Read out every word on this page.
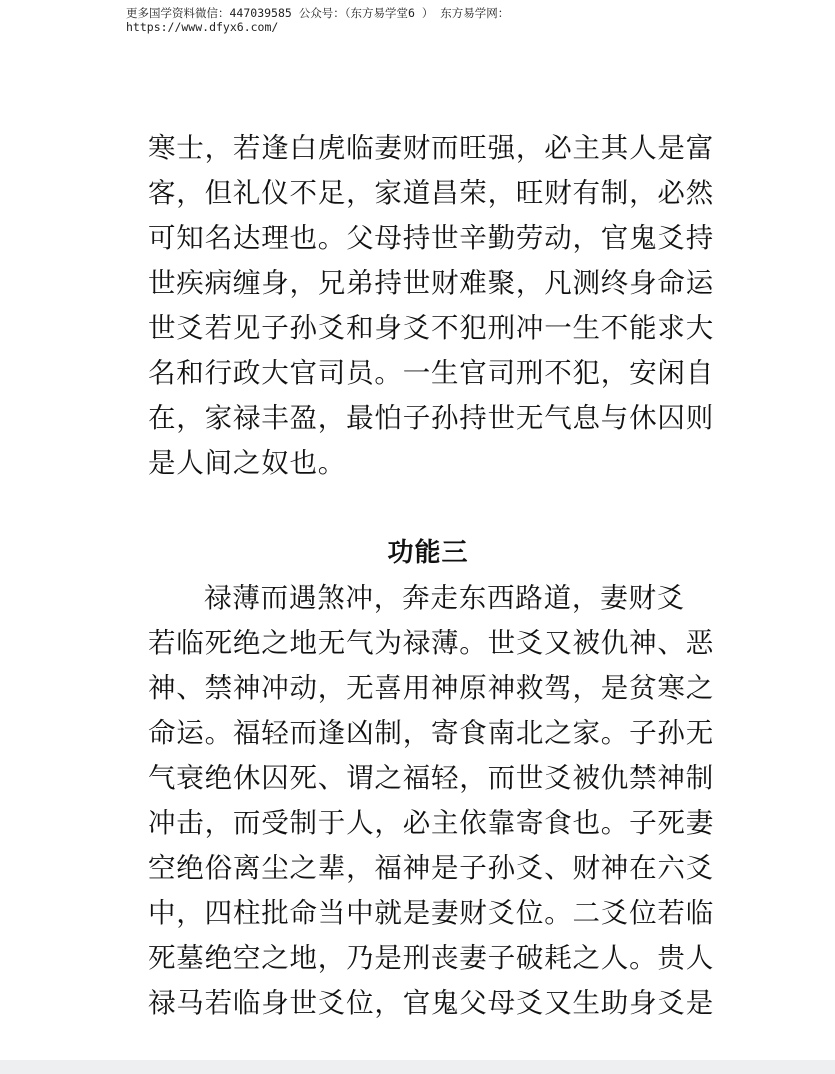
更多国学资料微信：447039585 公众号：（东方易学堂6 ） 东方易学网：
https://www.dfyx6.com/

寒士，若逢白虎临妻财而旺强，必主其人是富
客，但礼仪不足，家道昌荣，旺财有制，必然
可知名达理也。父母持世辛勤劳动，官鬼爻持
世疾病缠身，兄弟持世财难聚，凡测终身命运
世爻若见子孙爻和身爻不犯刑冲一生不能求大
名和行政大官司员。一生官司刑不犯，安闲自
在，家禄丰盈，最怕子孙持世无气息与休囚则
是人间之奴也。

功能三

禄薄而遇煞冲，奔走东西路道，妻财爻
若临死绝之地无气为禄薄。世爻又被仇神、恶
神、禁神冲动，无喜用神原神救驾，是贫寒之
命运。福轻而逢凶制，寄食南北之家。子孙无
气衰绝休囚死、谓之福轻，而世爻被仇禁神制
冲击，而受制于人，必主依靠寄食也。子死妻
空绝俗离尘之辈，福神是子孙爻、财神在六爻
中，四柱批命当中就是妻财爻位。二爻位若临
死墓绝空之地，乃是刑丧妻子破耗之人。贵人
禄马若临身世爻位，官鬼父母爻又生助身爻是
